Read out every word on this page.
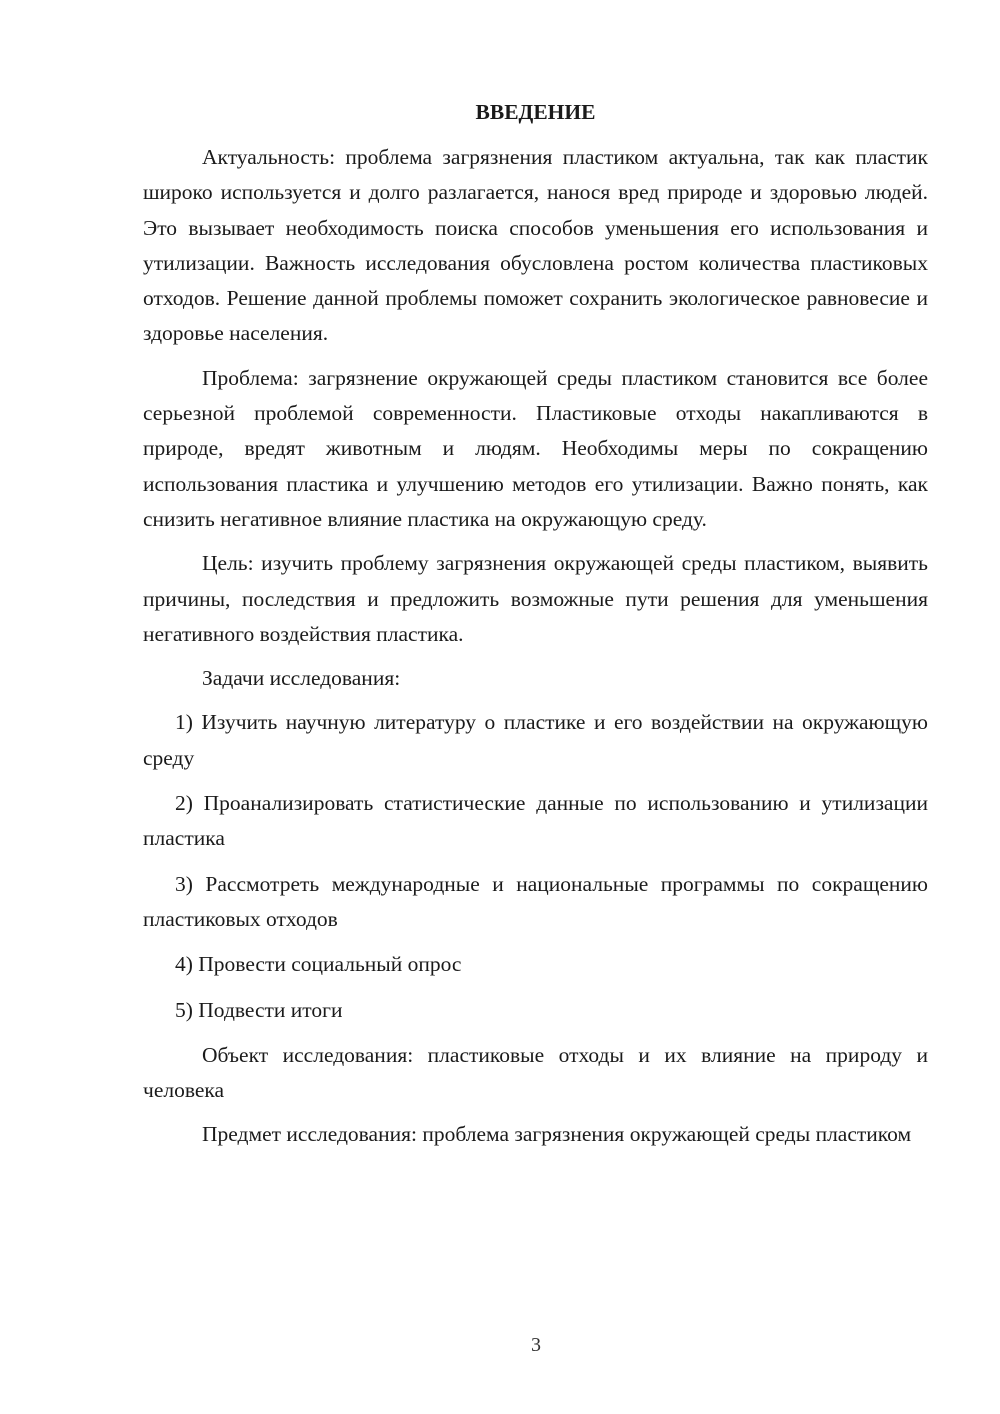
ВВЕДЕНИЕ

Актуальность: проблема загрязнения пластиком актуальна, так как пластик широко используется и долго разлагается, нанося вред природе и здоровью людей. Это вызывает необходимость поиска способов уменьшения его использования и утилизации. Важность исследования обусловлена ростом количества пластиковых отходов. Решение данной проблемы поможет сохранить экологическое равновесие и здоровье населения.

Проблема: загрязнение окружающей среды пластиком становится все более серьезной проблемой современности. Пластиковые отходы накапливаются в природе, вредят животным и людям. Необходимы меры по сокращению использования пластика и улучшению методов его утилизации. Важно понять, как снизить негативное влияние пластика на окружающую среду.

Цель: изучить проблему загрязнения окружающей среды пластиком, выявить причины, последствия и предложить возможные пути решения для уменьшения негативного воздействия пластика.

Задачи исследования:

1) Изучить научную литературу о пластике и его воздействии на окружающую среду

2) Проанализировать статистические данные по использованию и утилизации пластика

3) Рассмотреть международные и национальные программы по сокращению пластиковых отходов

4) Провести социальный опрос

5) Подвести итоги

Объект исследования: пластиковые отходы и их влияние на природу и человека

Предмет исследования: проблема загрязнения окружающей среды пластиком

3
